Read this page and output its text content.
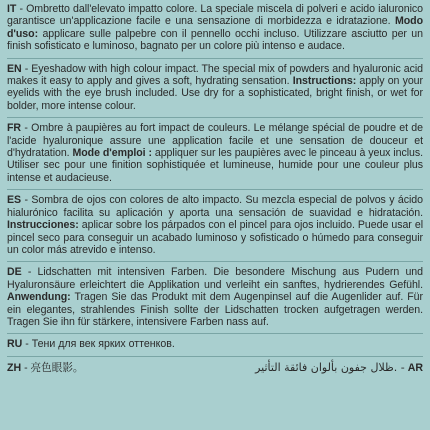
IT - Ombretto dall'elevato impatto colore. La speciale miscela di polveri e acido ialuronico garantisce un'applicazione facile e una sensazione di morbidezza e idratazione. Modo d'uso: applicare sulle palpebre con il pennello occhi incluso. Utilizzare asciutto per un finish sofisticato e luminoso, bagnato per un colore più intenso e audace.
EN - Eyeshadow with high colour impact. The special mix of powders and hyaluronic acid makes it easy to apply and gives a soft, hydrating sensation. Instructions: apply on your eyelids with the eye brush included. Use dry for a sophisticated, bright finish, or wet for bolder, more intense colour.
FR - Ombre à paupières au fort impact de couleurs. Le mélange spécial de poudre et de l'acide hyaluronique assure une application facile et une sensation de douceur et d'hydratation. Mode d'emploi : appliquer sur les paupières avec le pinceau à yeux inclus. Utiliser sec pour une finition sophistiquée et lumineuse, humide pour une couleur plus intense et audacieuse.
ES - Sombra de ojos con colores de alto impacto. Su mezcla especial de polvos y ácido hialurónico facilita su aplicación y aporta una sensación de suavidad e hidratación. Instrucciones: aplicar sobre los párpados con el pincel para ojos incluido. Puede usar el pincel seco para conseguir un acabado luminoso y sofisticado o húmedo para conseguir un color más atrevido e intenso.
DE - Lidschatten mit intensiven Farben. Die besondere Mischung aus Pudern und Hyaluronsäure erleichtert die Applikation und verleiht ein sanftes, hydrierendes Gefühl. Anwendung: Tragen Sie das Produkt mit dem Augenpinsel auf die Augenlider auf. Für ein elegantes, strahlendes Finish sollte der Lidschatten trocken aufgetragen werden. Tragen Sie ihn für stärkere, intensivere Farben nass auf.
RU - Тени для век ярких оттенков.
ZH - 亮色眼影。	ظلال جفون بألوان فائقة التأثير. - AR
